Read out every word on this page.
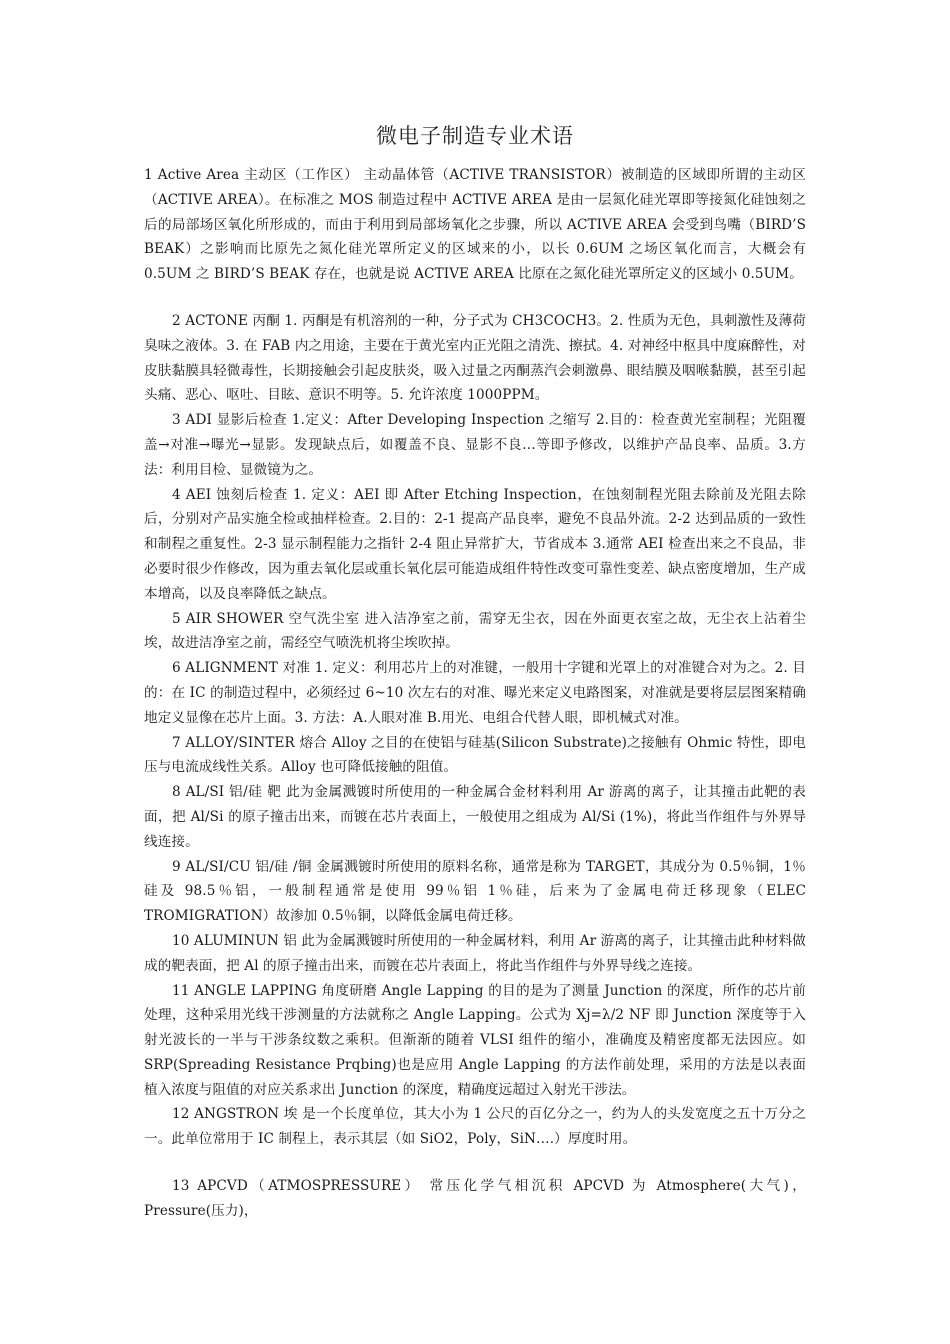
微电子制造专业术语

1 Active Area 主动区（工作区） 主动晶体管（ACTIVE TRANSISTOR）被制造的区域即所谓的主动区（ACTIVE AREA）。在标准之 MOS 制造过程中 ACTIVE AREA 是由一层氮化硅光罩即等接氮化硅蚀刻之后的局部场区氧化所形成的，而由于利用到局部场氧化之步骤，所以 ACTIVE AREA 会受到鸟嘴（BIRD’S BEAK）之影响而比原先之氮化硅光罩所定义的区域来的小，以长 0.6UM 之场区氧化而言，大概会有 0.5UM 之 BIRD’S BEAK 存在，也就是说 ACTIVE AREA 比原在之氮化硅光罩所定义的区域小 0.5UM。

2 ACTONE 丙酮 1. 丙酮是有机溶剂的一种，分子式为 CH3COCH3。2. 性质为无色，具刺激性及薄荷臭味之液体。3. 在 FAB 内之用途，主要在于黄光室内正光阻之清洗、擦拭。4. 对神经中枢具中度麻醉性，对皮肤黏膜具轻微毒性，长期接触会引起皮肤炎，吸入过量之丙酮蒸汽会刺激鼻、眼结膜及咽喉黏膜，甚至引起头痛、恶心、呕吐、目眩、意识不明等。5. 允许浓度 1000PPM。

3 ADI 显影后检查 1.定义：After Developing Inspection 之缩写 2.目的：检查黄光室制程；光阻覆盖→对准→曝光→显影。发现缺点后，如覆盖不良、显影不良…等即予修改，以维护产品良率、品质。3.方法：利用目检、显微镜为之。

4 AEI 蚀刻后检查 1. 定义：AEI 即 After Etching Inspection，在蚀刻制程光阻去除前及光阻去除后，分别对产品实施全检或抽样检查。2.目的：2-1 提高产品良率，避免不良品外流。2-2 达到品质的一致性和制程之重复性。2-3 显示制程能力之指针 2-4 阻止异常扩大，节省成本 3.通常 AEI 检查出来之不良品，非必要时很少作修改，因为重去氧化层或重长氧化层可能造成组件特性改变可靠性变差、缺点密度增加，生产成本增高，以及良率降低之缺点。

5 AIR SHOWER 空气洗尘室 进入洁净室之前，需穿无尘衣，因在外面更衣室之故，无尘衣上沾着尘埃，故进洁净室之前，需经空气喷洗机将尘埃吹掉。

6 ALIGNMENT 对准 1. 定义：利用芯片上的对准键，一般用十字键和光罩上的对准键合对为之。2. 目的：在 IC 的制造过程中，必须经过 6~10 次左右的对准、曝光来定义电路图案，对准就是要将层层图案精确地定义显像在芯片上面。3. 方法：A.人眼对准 B.用光、电组合代替人眼，即机械式对准。

7 ALLOY/SINTER 熔合 Alloy 之目的在使铝与硅基(Silicon Substrate)之接触有 Ohmic 特性，即电压与电流成线性关系。Alloy 也可降低接触的阻值。

8 AL/SI 铝/硅 靶 此为金属溅镀时所使用的一种金属合金材料利用 Ar 游离的离子，让其撞击此靶的表面，把 Al/Si 的原子撞击出来，而镀在芯片表面上，一般使用之组成为 Al/Si (1%)，将此当作组件与外界导线连接。

9 AL/SI/CU 铝/硅 /铜 金属溅镀时所使用的原料名称，通常是称为 TARGET，其成分为 0.5％铜，1％硅及 98.5％铝，一般制程通常是使用 99％铝 1％硅，后来为了金属电荷迁移现象（ELEC TROMIGRATION）故渗加 0.5％铜，以降低金属电荷迁移。

10 ALUMINUN 铝 此为金属溅镀时所使用的一种金属材料，利用 Ar 游离的离子，让其撞击此种材料做成的靶表面，把 Al 的原子撞击出来，而镀在芯片表面上，将此当作组件与外界导线之连接。

11 ANGLE LAPPING 角度研磨 Angle Lapping 的目的是为了测量 Junction 的深度，所作的芯片前处理，这种采用光线干涉测量的方法就称之 Angle Lapping。公式为 Xj=λ/2 NF 即 Junction 深度等于入射光波长的一半与干涉条纹数之乘积。但渐渐的随着 VLSI 组件的缩小，准确度及精密度都无法因应。如 SRP(Spreading Resistance Prqbing)也是应用 Angle Lapping 的方法作前处理，采用的方法是以表面植入浓度与阻值的对应关系求出 Junction 的深度，精确度远超过入射光干涉法。

12 ANGSTRON 埃 是一个长度单位，其大小为 1 公尺的百亿分之一，约为人的头发宽度之五十万分之一。此单位常用于 IC 制程上，表示其层（如 SiO2，Poly，SiN….）厚度时用。

13 APCVD（ATMOSPRESSURE） 常压化学气相沉积 APCVD 为 Atmosphere(大气)，Pressure(压力)，
